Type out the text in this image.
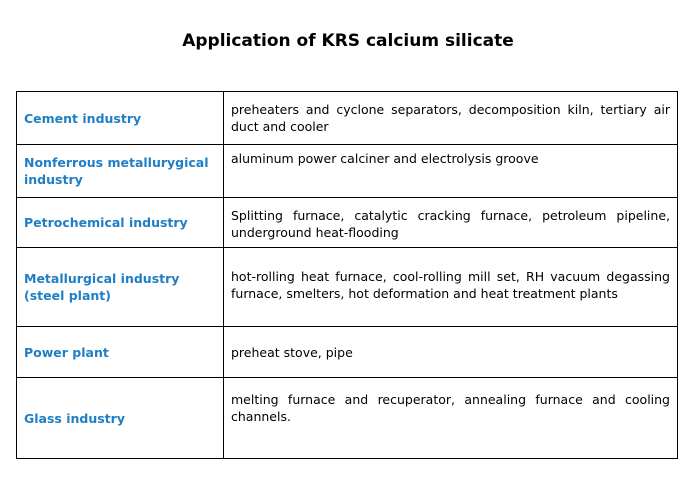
Application of KRS calcium silicate
Cement industry	preheaters and cyclone separators, decomposition kiln, tertiary air duct and cooler
Nonferrous metallurygical industry	aluminum power calciner and electrolysis groove
Petrochemical industry	Splitting furnace, catalytic cracking furnace, petroleum pipeline, underground heat-flooding
Metallurgical industry (steel plant)	hot-rolling heat furnace, cool-rolling mill set, RH vacuum degassing furnace, smelters, hot deformation and heat treatment plants
Power plant	preheat stove, pipe
Glass industry	melting furnace and recuperator, annealing furnace and cooling channels.
